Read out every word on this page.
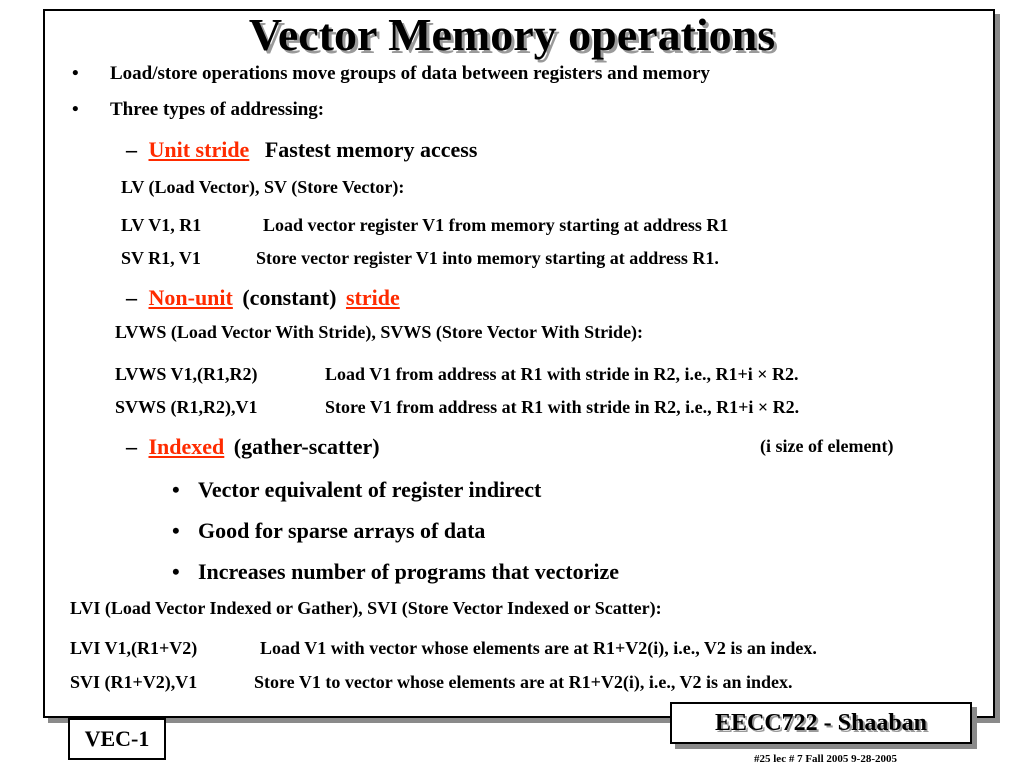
Vector Memory operations
• Load/store operations move groups of data between registers and memory
• Three types of addressing:
– Unit stride Fastest memory access
LV (Load Vector), SV (Store Vector):
LV V1, R1	Load vector register V1 from memory starting at address R1
SV R1, V1	Store vector register V1 into memory starting at address R1.
– Non-unit (constant) stride
LVWS (Load Vector With Stride), SVWS (Store Vector With Stride):
LVWS V1,(R1,R2)	Load V1 from address at R1 with stride in R2, i.e., R1+i × R2.
SVWS (R1,R2),V1	Store V1 from address at R1 with stride in R2, i.e., R1+i × R2.
– Indexed (gather-scatter)	(i size of element)
• Vector equivalent of register indirect
• Good for sparse arrays of data
• Increases number of programs that vectorize
LVI (Load Vector Indexed or Gather), SVI (Store Vector Indexed or Scatter):
LVI V1,(R1+V2)	Load V1 with vector whose elements are at R1+V2(i), i.e., V2 is an index.
SVI (R1+V2),V1	Store V1 to vector whose elements are at R1+V2(i), i.e., V2 is an index.
VEC-1
EECC722 - Shaaban
#25 lec # 7 Fall 2005 9-28-2005
